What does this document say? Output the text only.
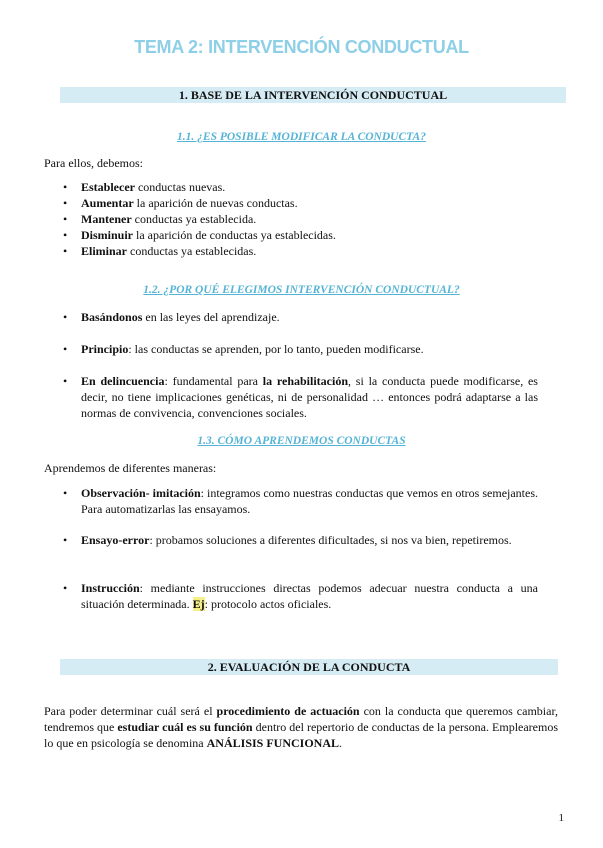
TEMA 2: INTERVENCIÓN CONDUCTUAL
1. BASE DE LA INTERVENCIÓN CONDUCTUAL
1.1. ¿ES POSIBLE MODIFICAR LA CONDUCTA?
Para ellos, debemos:
• Establecer conductas nuevas.
• Aumentar la aparición de nuevas conductas.
• Mantener conductas ya establecida.
• Disminuir la aparición de conductas ya establecidas.
• Eliminar conductas ya establecidas.
1.2. ¿POR QUÉ ELEGIMOS INTERVENCIÓN CONDUCTUAL?
• Basándonos en las leyes del aprendizaje.
• Principio: las conductas se aprenden, por lo tanto, pueden modificarse.
• En delincuencia: fundamental para la rehabilitación, si la conducta puede modificarse, es decir, no tiene implicaciones genéticas, ni de personalidad … entonces podrá adaptarse a las normas de convivencia, convenciones sociales.
1.3. CÓMO APRENDEMOS CONDUCTAS
Aprendemos de diferentes maneras:
• Observación- imitación: integramos como nuestras conductas que vemos en otros semejantes. Para automatizarlas las ensayamos.
• Ensayo-error: probamos soluciones a diferentes dificultades, si nos va bien, repetiremos.
• Instrucción: mediante instrucciones directas podemos adecuar nuestra conducta a una situación determinada. Ej: protocolo actos oficiales.
2. EVALUACIÓN DE LA CONDUCTA
Para poder determinar cuál será el procedimiento de actuación con la conducta que queremos cambiar, tendremos que estudiar cuál es su función dentro del repertorio de conductas de la persona. Emplearemos lo que en psicología se denomina ANÁLISIS FUNCIONAL.
1
